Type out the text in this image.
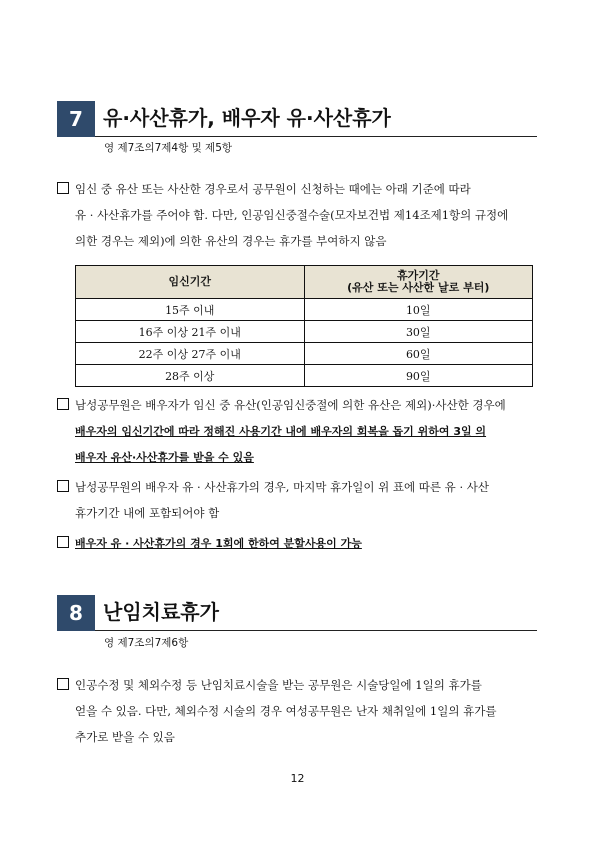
7	유·사산휴가, 배우자 유·사산휴가
영 제7조의7제4항 및 제5항
임신 중 유산 또는 사산한 경우로서 공무원이 신청하는 때에는 아래 기준에 따라
유 · 사산휴가를 주어야 함. 다만, 인공임신중절수술(모자보건법 제14조제1항의 규정에
의한 경우는 제외)에 의한 유산의 경우는 휴가를 부여하지 않음
임신기간	휴가기간
(유산 또는 사산한 날로 부터)

15주 이내	10일
16주 이상 21주 이내	30일
22주 이상 27주 이내	60일
28주 이상	90일
남성공무원은 배우자가 임신 중 유산(인공임신중절에 의한 유산은 제외)·사산한 경우에
배우자의 임신기간에 따라 정해진 사용기간 내에 배우자의 회복을 돕기 위하여 3일 의
배우자 유산·사산휴가를 받을 수 있음
남성공무원의 배우자 유 · 사산휴가의 경우, 마지막 휴가일이 위 표에 따른 유 · 사산
휴가기간 내에 포함되어야 함
배우자 유 · 사산휴가의 경우 1회에 한하여 분할사용이 가능
8	난임치료휴가
영 제7조의7제6항
인공수정 및 체외수정 등 난임치료시술을 받는 공무원은 시술당일에 1일의 휴가를
얻을 수 있음. 다만, 체외수정 시술의 경우 여성공무원은 난자 채취일에 1일의 휴가를
추가로 받을 수 있음
12
